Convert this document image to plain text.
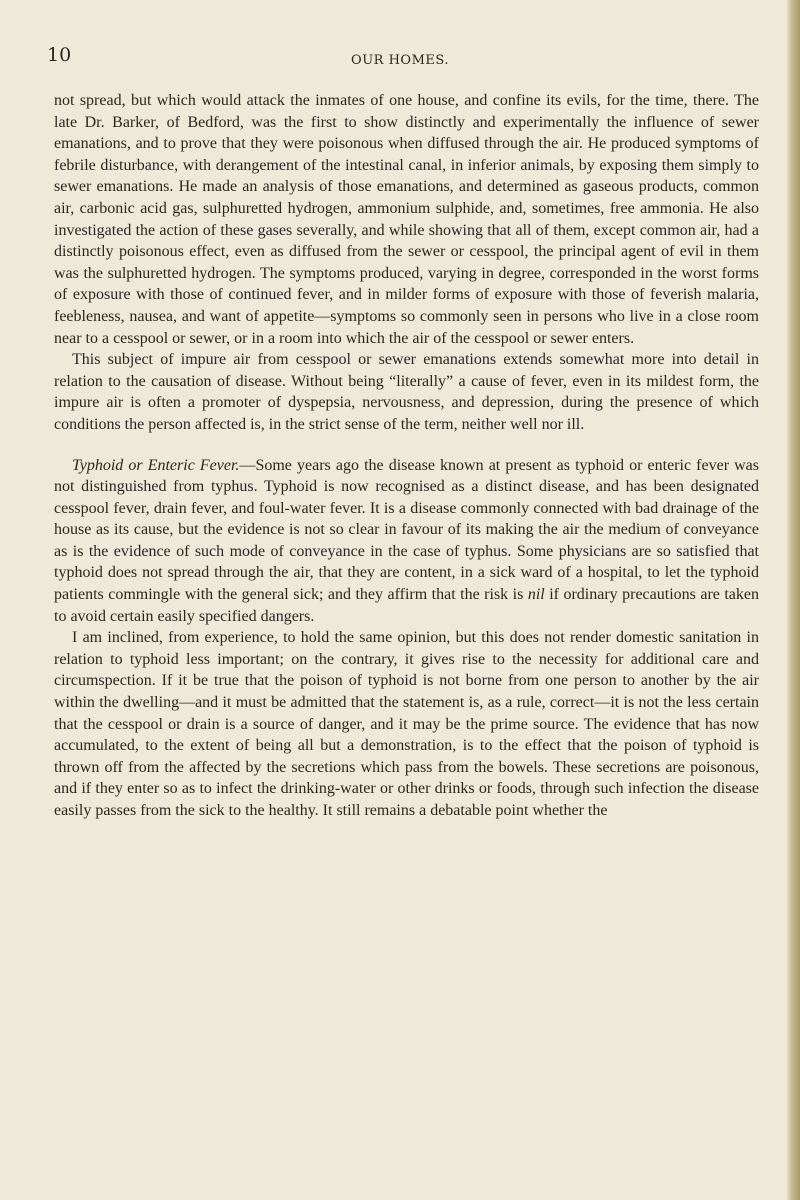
10	OUR HOMES.

not spread, but which would attack the inmates of one house, and confine its evils, for the time, there. The late Dr. Barker, of Bedford, was the first to show distinctly and experimentally the influence of sewer emanations, and to prove that they were poisonous when diffused through the air. He produced symptoms of febrile disturbance, with derangement of the intestinal canal, in inferior animals, by exposing them simply to sewer emanations. He made an analysis of those emanations, and determined as gaseous products, common air, carbonic acid gas, sulphuretted hydrogen, ammonium sulphide, and, sometimes, free ammonia. He also investigated the action of these gases severally, and while showing that all of them, except common air, had a distinctly poisonous effect, even as diffused from the sewer or cesspool, the principal agent of evil in them was the sulphuretted hydrogen. The symptoms produced, varying in degree, corresponded in the worst forms of exposure with those of continued fever, and in milder forms of exposure with those of feverish malaria, feebleness, nausea, and want of appetite—symptoms so commonly seen in persons who live in a close room near to a cesspool or sewer, or in a room into which the air of the cesspool or sewer enters.

This subject of impure air from cesspool or sewer emanations extends somewhat more into detail in relation to the causation of disease. Without being “literally” a cause of fever, even in its mildest form, the impure air is often a promoter of dyspepsia, nervousness, and depression, during the presence of which conditions the person affected is, in the strict sense of the term, neither well nor ill.

Typhoid or Enteric Fever.—Some years ago the disease known at present as typhoid or enteric fever was not distinguished from typhus. Typhoid is now recognised as a distinct disease, and has been designated cesspool fever, drain fever, and foul-water fever. It is a disease commonly connected with bad drainage of the house as its cause, but the evidence is not so clear in favour of its making the air the medium of conveyance as is the evidence of such mode of conveyance in the case of typhus. Some physicians are so satisfied that typhoid does not spread through the air, that they are content, in a sick ward of a hospital, to let the typhoid patients commingle with the general sick; and they affirm that the risk is nil if ordinary precautions are taken to avoid certain easily specified dangers.

I am inclined, from experience, to hold the same opinion, but this does not render domestic sanitation in relation to typhoid less important; on the contrary, it gives rise to the necessity for additional care and circumspection. If it be true that the poison of typhoid is not borne from one person to another by the air within the dwelling—and it must be admitted that the statement is, as a rule, correct—it is not the less certain that the cesspool or drain is a source of danger, and it may be the prime source. The evidence that has now accumulated, to the extent of being all but a demonstration, is to the effect that the poison of typhoid is thrown off from the affected by the secretions which pass from the bowels. These secretions are poisonous, and if they enter so as to infect the drinking-water or other drinks or foods, through such infection the disease easily passes from the sick to the healthy. It still remains a debatable point whether the
